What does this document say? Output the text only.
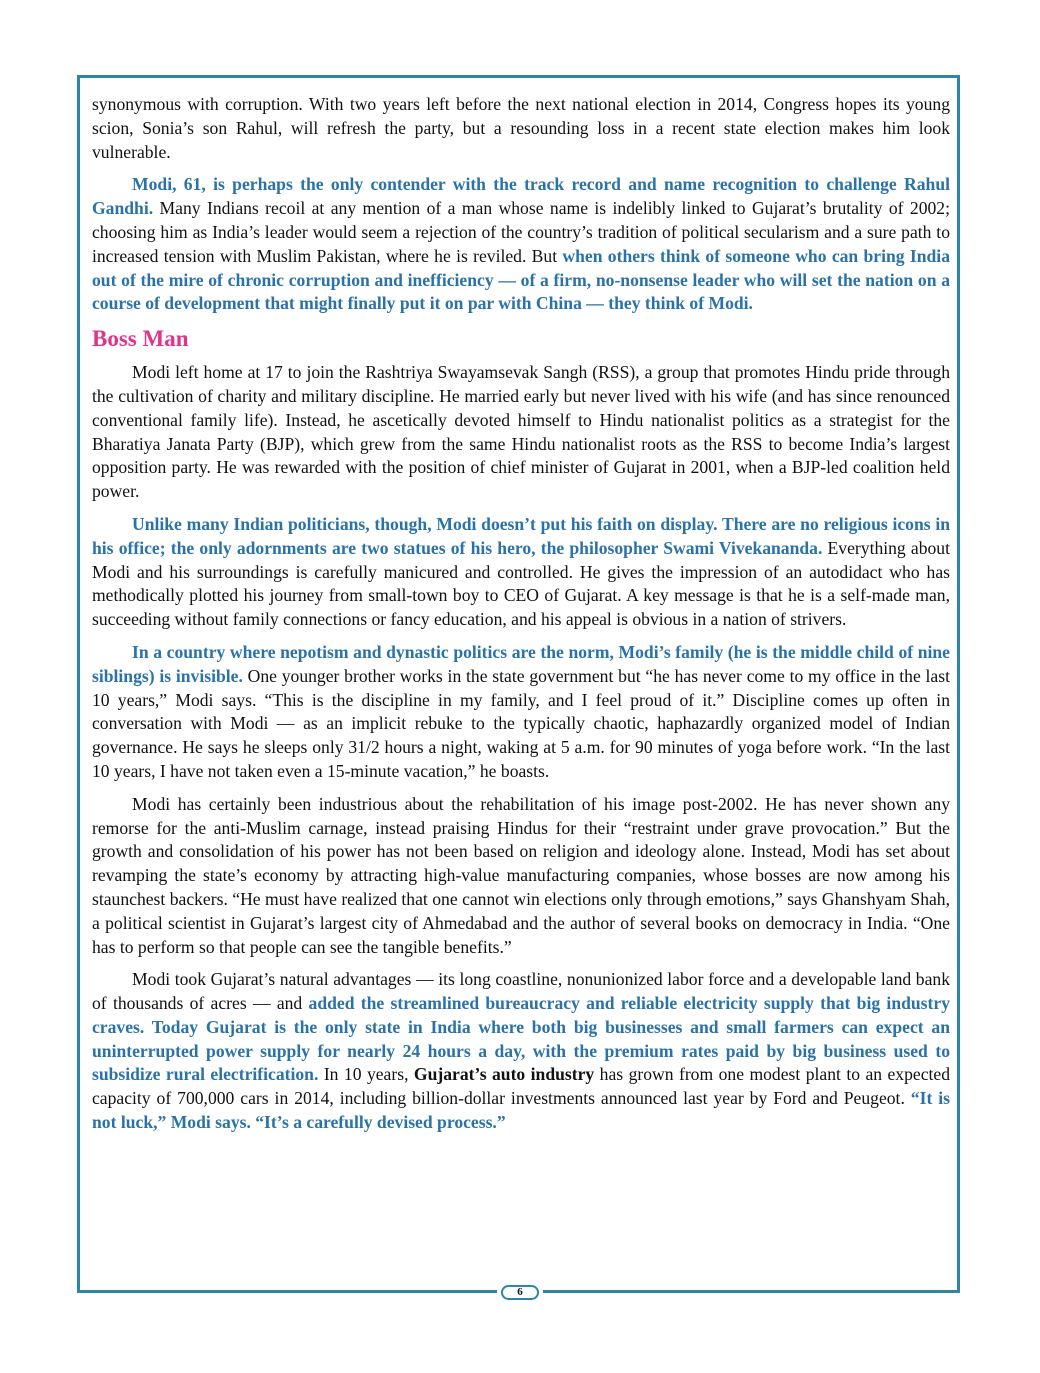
synonymous with corruption. With two years left before the next national election in 2014, Congress hopes its young scion, Sonia’s son Rahul, will refresh the party, but a resounding loss in a recent state election makes him look vulnerable.

Modi, 61, is perhaps the only contender with the track record and name recognition to challenge Rahul Gandhi. Many Indians recoil at any mention of a man whose name is indelibly linked to Gujarat’s brutality of 2002; choosing him as India’s leader would seem a rejection of the country’s tradition of political secularism and a sure path to increased tension with Muslim Pakistan, where he is reviled. But when others think of someone who can bring India out of the mire of chronic corruption and inefficiency — of a firm, no-nonsense leader who will set the nation on a course of development that might finally put it on par with China — they think of Modi.

Boss Man

Modi left home at 17 to join the Rashtriya Swayamsevak Sangh (RSS), a group that promotes Hindu pride through the cultivation of charity and military discipline. He married early but never lived with his wife (and has since renounced conventional family life). Instead, he ascetically devoted himself to Hindu nationalist politics as a strategist for the Bharatiya Janata Party (BJP), which grew from the same Hindu nationalist roots as the RSS to become India’s largest opposition party. He was rewarded with the position of chief minister of Gujarat in 2001, when a BJP-led coalition held power.

Unlike many Indian politicians, though, Modi doesn’t put his faith on display. There are no religious icons in his office; the only adornments are two statues of his hero, the philosopher Swami Vivekananda. Everything about Modi and his surroundings is carefully manicured and controlled. He gives the impression of an autodidact who has methodically plotted his journey from small-town boy to CEO of Gujarat. A key message is that he is a self-made man, succeeding without family connections or fancy education, and his appeal is obvious in a nation of strivers.

In a country where nepotism and dynastic politics are the norm, Modi’s family (he is the middle child of nine siblings) is invisible. One younger brother works in the state government but “he has never come to my office in the last 10 years,” Modi says. “This is the discipline in my family, and I feel proud of it.” Discipline comes up often in conversation with Modi — as an implicit rebuke to the typically chaotic, haphazardly organized model of Indian governance. He says he sleeps only 31/2 hours a night, waking at 5 a.m. for 90 minutes of yoga before work. “In the last 10 years, I have not taken even a 15-minute vacation,” he boasts.

Modi has certainly been industrious about the rehabilitation of his image post-2002. He has never shown any remorse for the anti-Muslim carnage, instead praising Hindus for their “restraint under grave provocation.” But the growth and consolidation of his power has not been based on religion and ideology alone. Instead, Modi has set about revamping the state’s economy by attracting high-value manufacturing companies, whose bosses are now among his staunchest backers. “He must have realized that one cannot win elections only through emotions,” says Ghanshyam Shah, a political scientist in Gujarat’s largest city of Ahmedabad and the author of several books on democracy in India. “One has to perform so that people can see the tangible benefits.”

Modi took Gujarat’s natural advantages — its long coastline, nonunionized labor force and a developable land bank of thousands of acres — and added the streamlined bureaucracy and reliable electricity supply that big industry craves. Today Gujarat is the only state in India where both big businesses and small farmers can expect an uninterrupted power supply for nearly 24 hours a day, with the premium rates paid by big business used to subsidize rural electrification. In 10 years, Gujarat’s auto industry has grown from one modest plant to an expected capacity of 700,000 cars in 2014, including billion-dollar investments announced last year by Ford and Peugeot. “It is not luck,” Modi says. “It’s a carefully devised process.”

6
